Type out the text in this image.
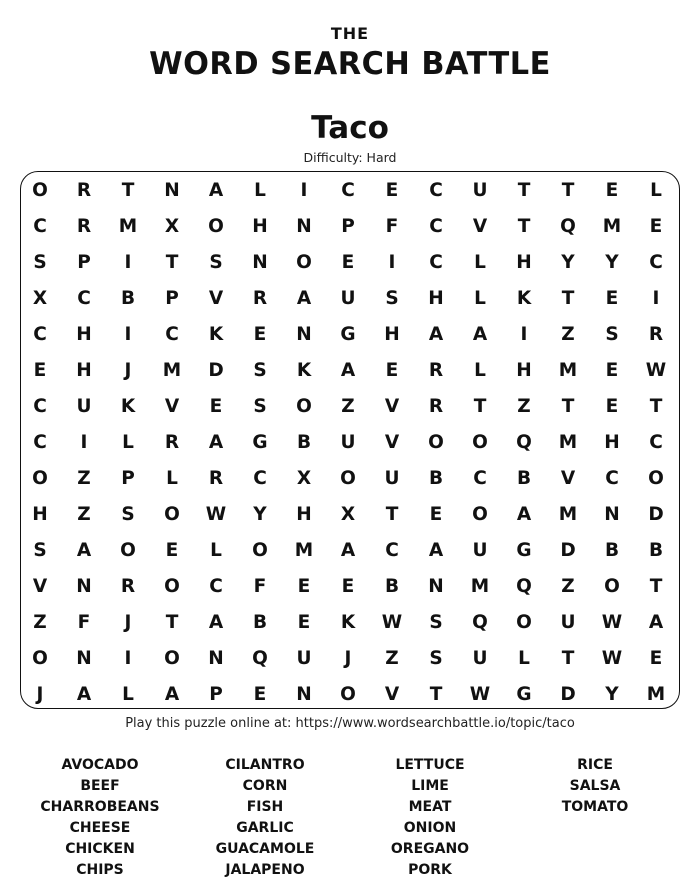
THE
WORD SEARCH BATTLE
Taco
Difficulty: Hard
O	R	T	N	A	L	I	C	E	C	U	T	T	E	L
C	R	M	X	O	H	N	P	F	C	V	T	Q	M	E
S	P	I	T	S	N	O	E	I	C	L	H	Y	Y	C
X	C	B	P	V	R	A	U	S	H	L	K	T	E	I
C	H	I	C	K	E	N	G	H	A	A	I	Z	S	R
E	H	J	M	D	S	K	A	E	R	L	H	M	E	W
C	U	K	V	E	S	O	Z	V	R	T	Z	T	E	T
C	I	L	R	A	G	B	U	V	O	O	Q	M	H	C
O	Z	P	L	R	C	X	O	U	B	C	B	V	C	O
H	Z	S	O	W	Y	H	X	T	E	O	A	M	N	D
S	A	O	E	L	O	M	A	C	A	U	G	D	B	B
V	N	R	O	C	F	E	E	B	N	M	Q	Z	O	T
Z	F	J	T	A	B	E	K	W	S	Q	O	U	W	A
O	N	I	O	N	Q	U	J	Z	S	U	L	T	W	E
J	A	L	A	P	E	N	O	V	T	W	G	D	Y	M
Play this puzzle online at: https://www.wordsearchbattle.io/topic/taco
AVOCADO
BEEF
CHARROBEANS
CHEESE
CHICKEN
CHIPS
CILANTRO
CORN
FISH
GARLIC
GUACAMOLE
JALAPENO
LETTUCE
LIME
MEAT
ONION
OREGANO
PORK
RICE
SALSA
TOMATO
